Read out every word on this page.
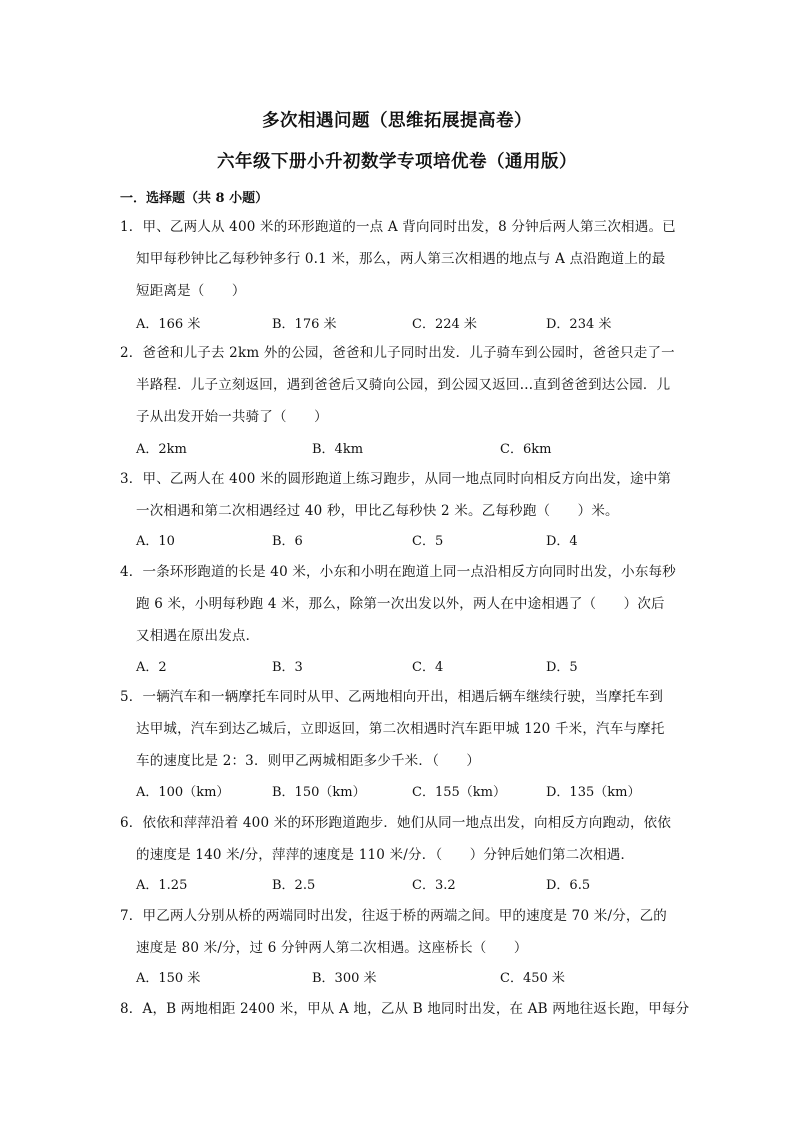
多次相遇问题（思维拓展提高卷）
六年级下册小升初数学专项培优卷（通用版）
一．选择题（共 8 小题）
1．甲、乙两人从 400 米的环形跑道的一点 A 背向同时出发，8 分钟后两人第三次相遇。已
知甲每秒钟比乙每秒钟多行 0.1 米，那么，两人第三次相遇的地点与 A 点沿跑道上的最
短距离是（　　）
A．166 米	B．176 米	C．224 米	D．234 米
2．爸爸和儿子去 2km 外的公园，爸爸和儿子同时出发．儿子骑车到公园时，爸爸只走了一
半路程．儿子立刻返回，遇到爸爸后又骑向公园，到公园又返回…直到爸爸到达公园．儿
子从出发开始一共骑了（　　）
A．2km	B．4km	C．6km
3．甲、乙两人在 400 米的圆形跑道上练习跑步，从同一地点同时向相反方向出发，途中第
一次相遇和第二次相遇经过 40 秒，甲比乙每秒快 2 米。乙每秒跑（　　）米。
A．10	B．6	C．5	D．4
4．一条环形跑道的长是 40 米，小东和小明在跑道上同一点沿相反方向同时出发，小东每秒
跑 6 米，小明每秒跑 4 米，那么，除第一次出发以外，两人在中途相遇了（　　）次后
又相遇在原出发点．
A．2	B．3	C．4	D．5
5．一辆汽车和一辆摩托车同时从甲、乙两地相向开出，相遇后辆车继续行驶，当摩托车到
达甲城，汽车到达乙城后，立即返回，第二次相遇时汽车距甲城 120 千米，汽车与摩托
车的速度比是 2：3．则甲乙两城相距多少千米．（　　）
A．100（km）	B．150（km）	C．155（km）	D．135（km）
6．依依和萍萍沿着 400 米的环形跑道跑步．她们从同一地点出发，向相反方向跑动，依依
的速度是 140 米/分，萍萍的速度是 110 米/分．（　　）分钟后她们第二次相遇．
A．1.25	B．2.5	C．3.2	D．6.5
7．甲乙两人分别从桥的两端同时出发，往返于桥的两端之间。甲的速度是 70 米/分，乙的
速度是 80 米/分，过 6 分钟两人第二次相遇。这座桥长（　　）
A．150 米	B．300 米	C．450 米
8．A，B 两地相距 2400 米，甲从 A 地，乙从 B 地同时出发，在 AB 两地往返长跑，甲每分
